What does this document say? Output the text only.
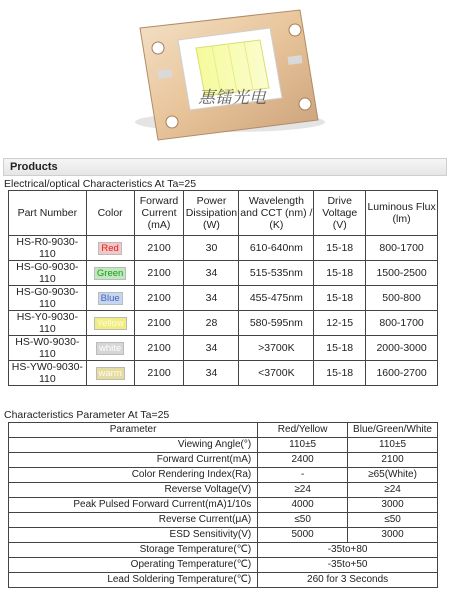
惠镭光电
Products
Electrical/optical Characteristics At Ta=25
Part Number	Color	Forward Current (mA)	Power Dissipation (W)	Wavelength and CCT (nm) / (K)	Drive Voltage (V)	Luminous Flux (lm)
HS-R0-9030-110	Red	2100	30	610-640nm	15-18	800-1700
HS-G0-9030-110	Green	2100	34	515-535nm	15-18	1500-2500
HS-G0-9030-110	Blue	2100	34	455-475nm	15-18	500-800
HS-Y0-9030-110	Yellow	2100	28	580-595nm	12-15	800-1700
HS-W0-9030-110	white	2100	34	>3700K	15-18	2000-3000
HS-YW0-9030-110	warm	2100	34	<3700K	15-18	1600-2700
Characteristics Parameter At Ta=25
Parameter	Red/Yellow	Blue/Green/White
Viewing Angle(°)	110±5	110±5
Forward Current(mA)	2400	2100
Color Rendering Index(Ra)	-	≥65(White)
Reverse Voltage(V)	≥24	≥24
Peak Pulsed Forward Current(mA)1/10s	4000	3000
Reverse Current(μA)	≤50	≤50
ESD Sensitivity(V)	5000	3000
Storage Temperature(℃)	-35to+80	
Operating Temperature(℃)	-35to+50	
Lead Soldering Temperature(℃)	260 for 3 Seconds	
